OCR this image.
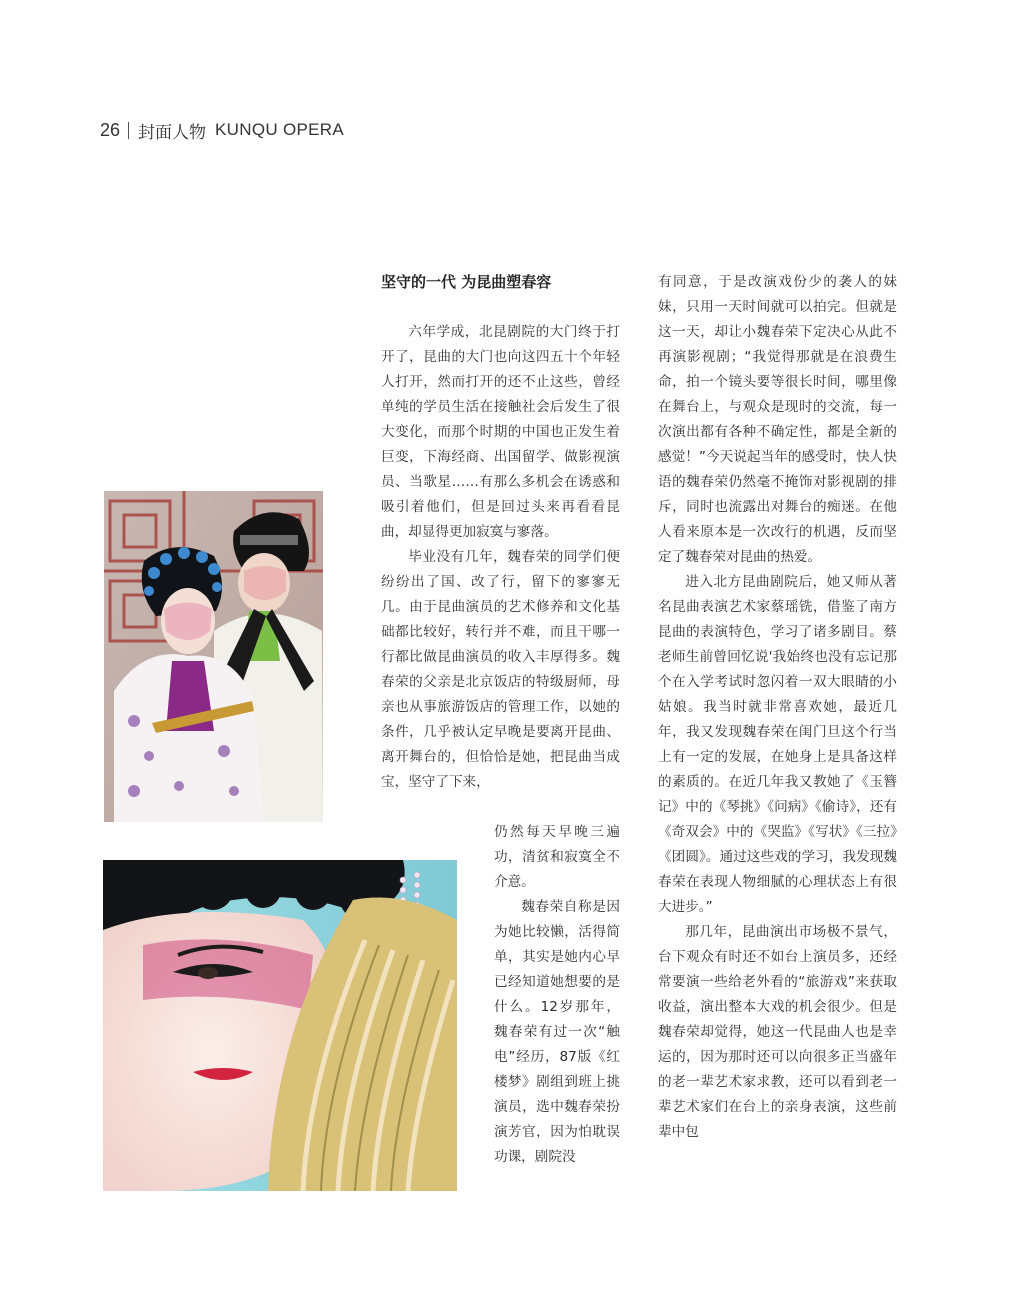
26 封面人物 KUNQU OPERA
坚守的一代 为昆曲塑春容

六年学成，北昆剧院的大门终于打开了，昆曲的大门也向这四五十个年轻人打开，然而打开的还不止这些，曾经单纯的学员生活在接触社会后发生了很大变化，而那个时期的中国也正发生着巨变，下海经商、出国留学、做影视演员、当歌星……有那么多机会在诱惑和吸引着他们，但是回过头来再看看昆曲，却显得更加寂寞与寥落。

毕业没有几年，魏春荣的同学们便纷纷出了国、改了行，留下的寥寥无几。由于昆曲演员的艺术修养和文化基础都比较好，转行并不难，而且干哪一行都比做昆曲演员的收入丰厚得多。魏春荣的父亲是北京饭店的特级厨师，母亲也从事旅游饭店的管理工作，以她的条件，几乎被认定早晚是要离开昆曲、离开舞台的，但恰恰是她，把昆曲当成宝，坚守了下来，

仍然每天早晚三遍功，清贫和寂寞全不介意。

魏春荣自称是因为她比较懒，活得简单，其实是她内心早已经知道她想要的是什么。12岁那年，魏春荣有过一次“触电”经历，87版《红楼梦》剧组到班上挑演员，选中魏春荣扮演芳官，因为怕耽误功课，剧院没

有同意，于是改演戏份少的袭人的妹妹，只用一天时间就可以拍完。但就是这一天，却让小魏春荣下定决心从此不再演影视剧；“我觉得那就是在浪费生命，拍一个镜头要等很长时间，哪里像在舞台上，与观众是现时的交流，每一次演出都有各种不确定性，都是全新的感觉！”今天说起当年的感受时，快人快语的魏春荣仍然毫不掩饰对影视剧的排斥，同时也流露出对舞台的痴迷。在他人看来原本是一次改行的机遇，反而坚定了魏春荣对昆曲的热爱。

进入北方昆曲剧院后，她又师从著名昆曲表演艺术家蔡瑶铣，借鉴了南方昆曲的表演特色，学习了诸多剧目。蔡老师生前曾回忆说'我始终也没有忘记那个在入学考试时忽闪着一双大眼睛的小姑娘。我当时就非常喜欢她，最近几年，我又发现魏春荣在闺门旦这个行当上有一定的发展，在她身上是具备这样的素质的。在近几年我又教她了《玉簪记》中的《琴挑》《问病》《偷诗》，还有《奇双会》中的《哭监》《写状》《三拉》《团圆》。通过这些戏的学习，我发现魏春荣在表现人物细腻的心理状态上有很大进步。”

那几年，昆曲演出市场极不景气，台下观众有时还不如台上演员多，还经常要演一些给老外看的“旅游戏”来获取收益，演出整本大戏的机会很少。但是魏春荣却觉得，她这一代昆曲人也是幸运的，因为那时还可以向很多正当盛年的老一辈艺术家求教，还可以看到老一辈艺术家们在台上的亲身表演，这些前辈中包
